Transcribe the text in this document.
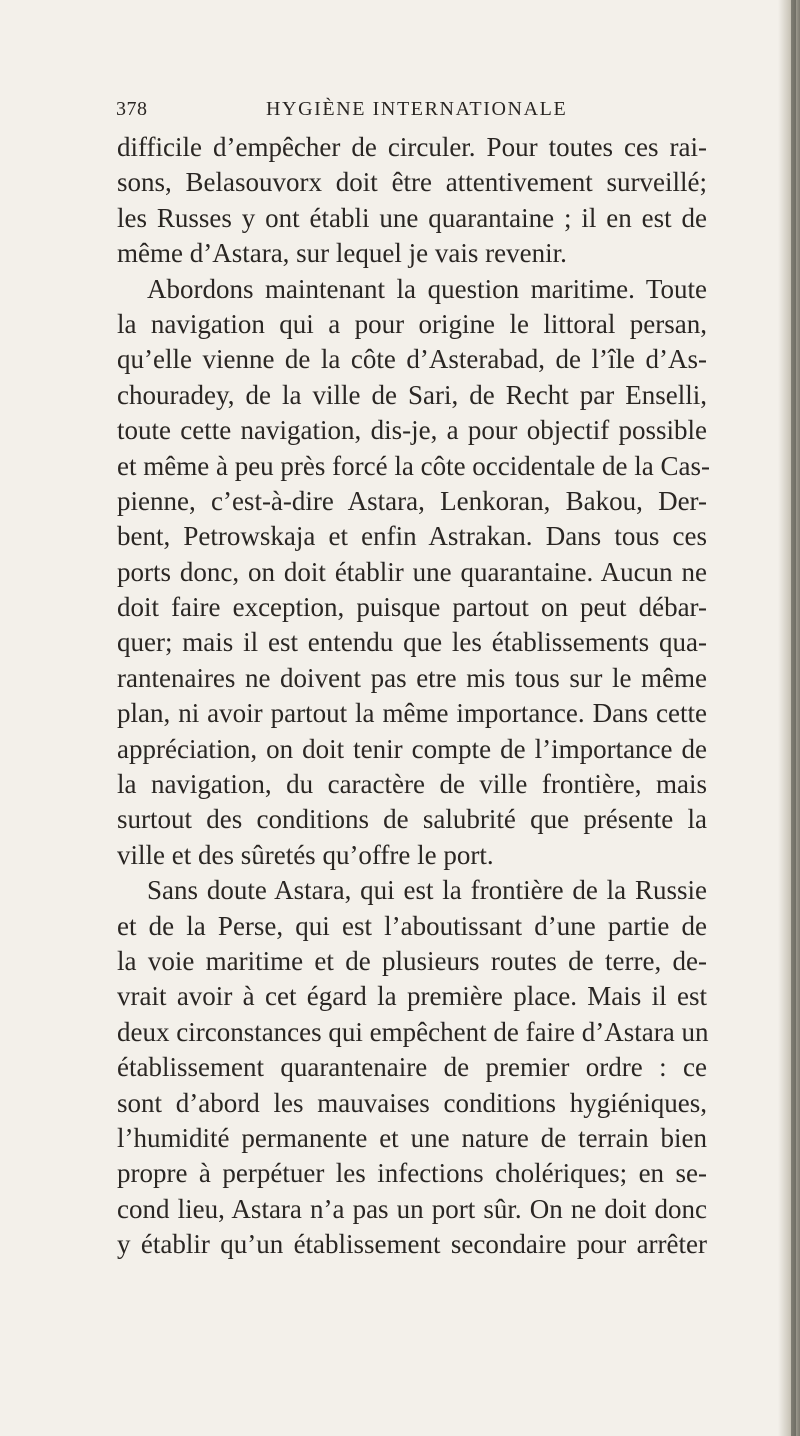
378	HYGIÈNE INTERNATIONALE
difficile d’empêcher de circuler. Pour toutes ces rai-
sons, Belasouvorx doit être attentivement surveillé;
les Russes y ont établi une quarantaine ; il en est de
même d’Astara, sur lequel je vais revenir.
Abordons maintenant la question maritime. Toute
la navigation qui a pour origine le littoral persan,
qu’elle vienne de la côte d’Asterabad, de l’île d’As-
chouradey, de la ville de Sari, de Recht par Enselli,
toute cette navigation, dis-je, a pour objectif possible
et même à peu près forcé la côte occidentale de la Cas-
pienne, c’est-à-dire Astara, Lenkoran, Bakou, Der-
bent, Petrowskaja et enfin Astrakan. Dans tous ces
ports donc, on doit établir une quarantaine. Aucun ne
doit faire exception, puisque partout on peut débar-
quer; mais il est entendu que les établissements qua-
rantenaires ne doivent pas etre mis tous sur le même
plan, ni avoir partout la même importance. Dans cette
appréciation, on doit tenir compte de l’importance de
la navigation, du caractère de ville frontière, mais
surtout des conditions de salubrité que présente la
ville et des sûretés qu’offre le port.
Sans doute Astara, qui est la frontière de la Russie
et de la Perse, qui est l’aboutissant d’une partie de
la voie maritime et de plusieurs routes de terre, de-
vrait avoir à cet égard la première place. Mais il est
deux circonstances qui empêchent de faire d’Astara un
établissement quarantenaire de premier ordre : ce
sont d’abord les mauvaises conditions hygiéniques,
l’humidité permanente et une nature de terrain bien
propre à perpétuer les infections cholériques; en se-
cond lieu, Astara n’a pas un port sûr. On ne doit donc
y établir qu’un établissement secondaire pour arrêter
